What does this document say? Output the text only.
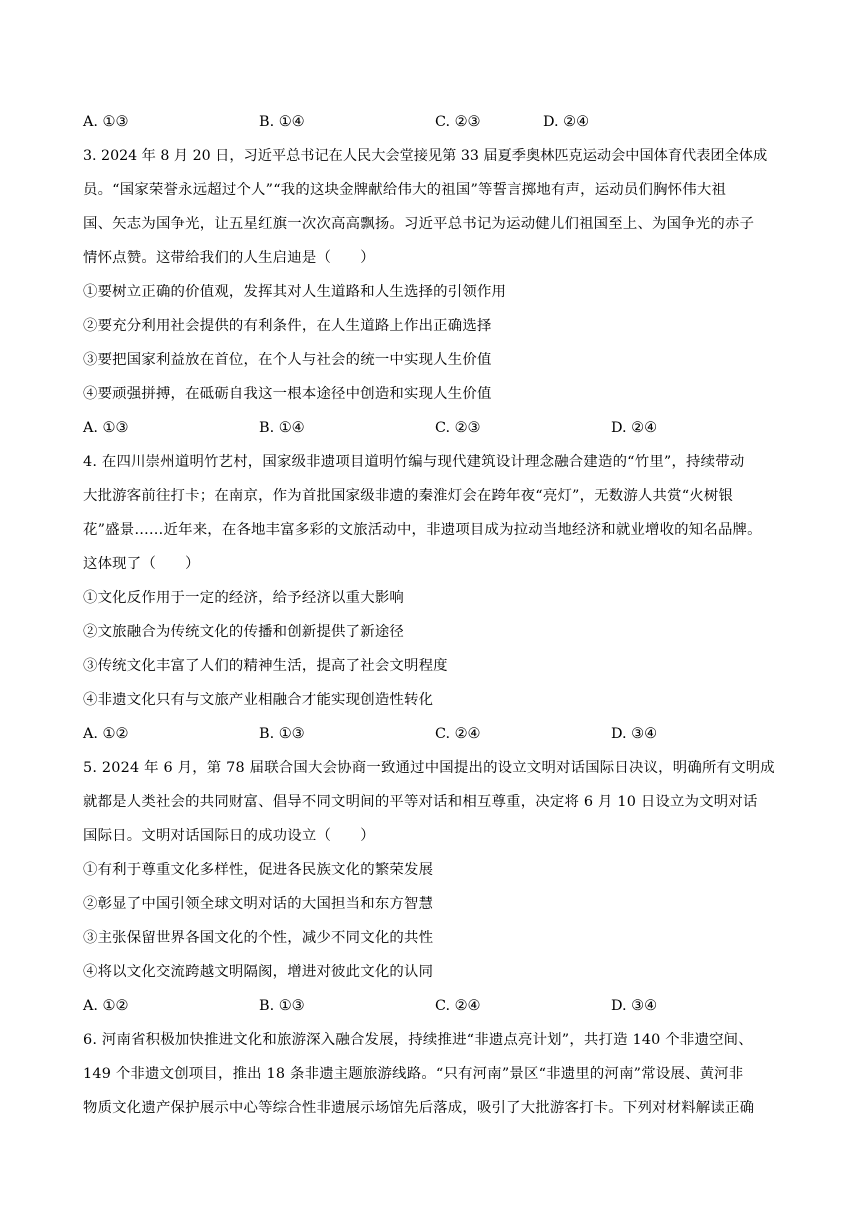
A. ①③	B. ①④	C. ②③	D. ②④
3. 2024 年 8 月 20 日，习近平总书记在人民大会堂接见第 33 届夏季奥林匹克运动会中国体育代表团全体成
员。“国家荣誉永远超过个人”“我的这块金牌献给伟大的祖国”等誓言掷地有声，运动员们胸怀伟大祖
国、矢志为国争光，让五星红旗一次次高高飘扬。习近平总书记为运动健儿们祖国至上、为国争光的赤子
情怀点赞。这带给我们的人生启迪是（　　）
①要树立正确的价值观，发挥其对人生道路和人生选择的引领作用
②要充分利用社会提供的有利条件，在人生道路上作出正确选择
③要把国家利益放在首位，在个人与社会的统一中实现人生价值
④要顽强拼搏，在砥砺自我这一根本途径中创造和实现人生价值
A. ①③	B. ①④	C. ②③	D. ②④
4. 在四川崇州道明竹艺村，国家级非遗项目道明竹编与现代建筑设计理念融合建造的“竹里”，持续带动
大批游客前往打卡；在南京，作为首批国家级非遗的秦淮灯会在跨年夜“亮灯”，无数游人共赏“火树银
花”盛景……近年来，在各地丰富多彩的文旅活动中，非遗项目成为拉动当地经济和就业增收的知名品牌。
这体现了（　　）
①文化反作用于一定的经济，给予经济以重大影响
②文旅融合为传统文化的传播和创新提供了新途径
③传统文化丰富了人们的精神生活，提高了社会文明程度
④非遗文化只有与文旅产业相融合才能实现创造性转化
A. ①②	B. ①③	C. ②④	D. ③④
5. 2024 年 6 月，第 78 届联合国大会协商一致通过中国提出的设立文明对话国际日决议，明确所有文明成
就都是人类社会的共同财富、倡导不同文明间的平等对话和相互尊重，决定将 6 月 10 日设立为文明对话
国际日。文明对话国际日的成功设立（　　）
①有利于尊重文化多样性，促进各民族文化的繁荣发展
②彰显了中国引领全球文明对话的大国担当和东方智慧
③主张保留世界各国文化的个性，减少不同文化的共性
④将以文化交流跨越文明隔阂，增进对彼此文化的认同
A. ①②	B. ①③	C. ②④	D. ③④
6. 河南省积极加快推进文化和旅游深入融合发展，持续推进“非遗点亮计划”，共打造 140 个非遗空间、
149 个非遗文创项目，推出 18 条非遗主题旅游线路。“只有河南”景区“非遗里的河南”常设展、黄河非
物质文化遗产保护展示中心等综合性非遗展示场馆先后落成，吸引了大批游客打卡。下列对材料解读正确
